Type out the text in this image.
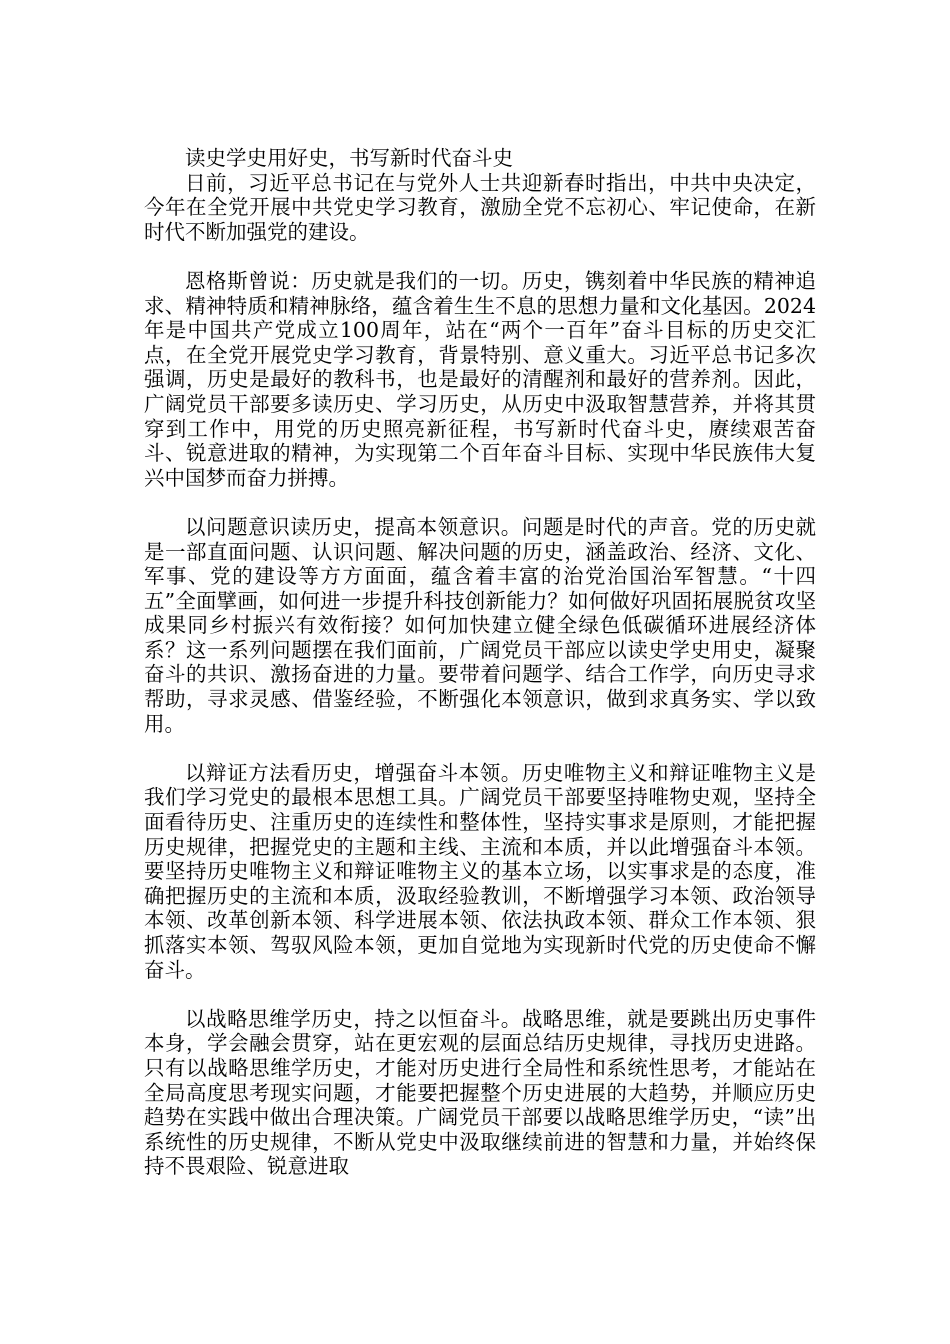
读史学史用好史，书写新时代奋斗史

日前，习近平总书记在与党外人士共迎新春时指出，中共中央决定，今年在全党开展中共党史学习教育，激励全党不忘初心、牢记使命，在新时代不断加强党的建设。

恩格斯曾说：历史就是我们的一切。历史，镌刻着中华民族的精神追求、精神特质和精神脉络，蕴含着生生不息的思想力量和文化基因。2024年是中国共产党成立100周年，站在“两个一百年”奋斗目标的历史交汇点，在全党开展党史学习教育，背景特别、意义重大。习近平总书记多次强调，历史是最好的教科书，也是最好的清醒剂和最好的营养剂。因此，广阔党员干部要多读历史、学习历史，从历史中汲取智慧营养，并将其贯穿到工作中，用党的历史照亮新征程，书写新时代奋斗史，赓续艰苦奋斗、锐意进取的精神，为实现第二个百年奋斗目标、实现中华民族伟大复兴中国梦而奋力拼搏。

以问题意识读历史，提高本领意识。问题是时代的声音。党的历史就是一部直面问题、认识问题、解决问题的历史，涵盖政治、经济、文化、军事、党的建设等方方面面，蕴含着丰富的治党治国治军智慧。“十四五”全面擘画，如何进一步提升科技创新能力？如何做好巩固拓展脱贫攻坚成果同乡村振兴有效衔接？如何加快建立健全绿色低碳循环进展经济体系？这一系列问题摆在我们面前，广阔党员干部应以读史学史用史，凝聚奋斗的共识、激扬奋进的力量。要带着问题学、结合工作学，向历史寻求帮助，寻求灵感、借鉴经验，不断强化本领意识，做到求真务实、学以致用。

以辩证方法看历史，增强奋斗本领。历史唯物主义和辩证唯物主义是我们学习党史的最根本思想工具。广阔党员干部要坚持唯物史观，坚持全面看待历史、注重历史的连续性和整体性，坚持实事求是原则，才能把握历史规律，把握党史的主题和主线、主流和本质，并以此增强奋斗本领。要坚持历史唯物主义和辩证唯物主义的基本立场，以实事求是的态度，准确把握历史的主流和本质，汲取经验教训，不断增强学习本领、政治领导本领、改革创新本领、科学进展本领、依法执政本领、群众工作本领、狠抓落实本领、驾驭风险本领，更加自觉地为实现新时代党的历史使命不懈奋斗。

以战略思维学历史，持之以恒奋斗。战略思维，就是要跳出历史事件本身，学会融会贯穿，站在更宏观的层面总结历史规律，寻找历史进路。只有以战略思维学历史，才能对历史进行全局性和系统性思考，才能站在全局高度思考现实问题，才能要把握整个历史进展的大趋势，并顺应历史趋势在实践中做出合理决策。广阔党员干部要以战略思维学历史，“读”出系统性的历史规律，不断从党史中汲取继续前进的智慧和力量，并始终保持不畏艰险、锐意进取
